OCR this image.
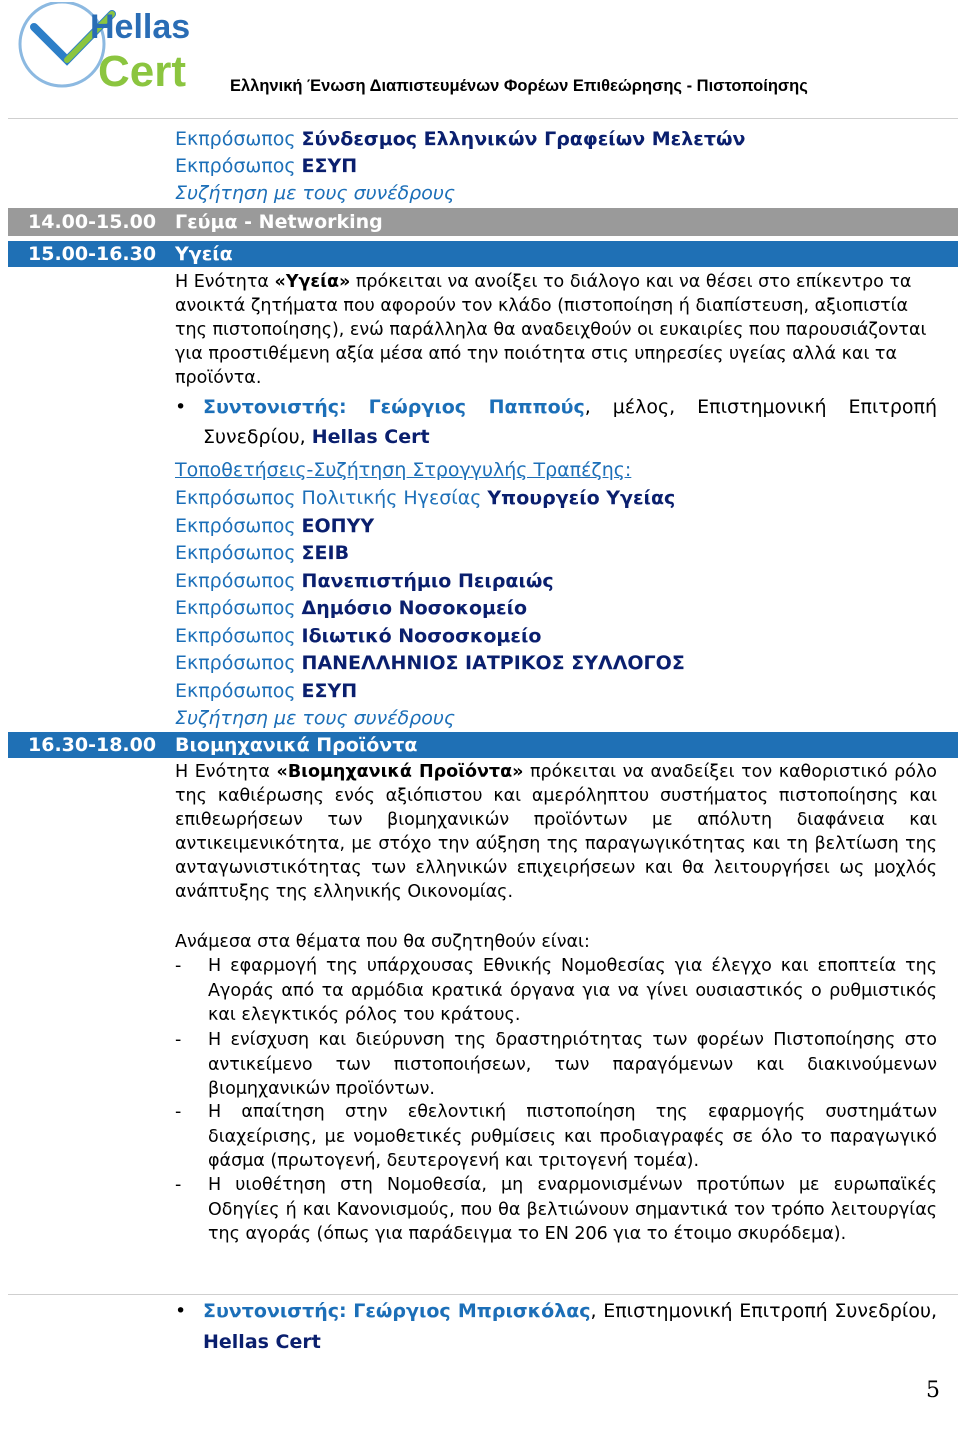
Hellas
Cert	Ελληνική Ένωση Διαπιστευμένων Φορέων Επιθεώρησης - Πιστοποίησης
Εκπρόσωπος Σύνδεσμος Ελληνικών Γραφείων Μελετών
Εκπρόσωπος ΕΣΥΠ
Συζήτηση με τους συνέδρους
14.00-15.00 Γεύμα - Networking
15.00-16.30 Υγεία
Η Ενότητα «Υγεία» πρόκειται να ανοίξει το διάλογο και να θέσει στο επίκεντρο τα ανοικτά ζητήματα που αφορούν τον κλάδο (πιστοποίηση ή διαπίστευση, αξιοπιστία της πιστοποίησης), ενώ παράλληλα θα αναδειχθούν οι ευκαιρίες που παρουσιάζονται για προστιθέμενη αξία μέσα από την ποιότητα στις υπηρεσίες υγείας αλλά και τα προϊόντα.
• Συντονιστής: Γεώργιος Παππούς, μέλος, Επιστημονική Επιτροπή Συνεδρίου, Hellas Cert
Τοποθετήσεις-Συζήτηση Στρογγυλής Τραπέζης:
Εκπρόσωπος Πολιτικής Ηγεσίας Υπουργείο Υγείας
Εκπρόσωπος ΕΟΠΥΥ
Εκπρόσωπος ΣΕΙΒ
Εκπρόσωπος Πανεπιστήμιο Πειραιώς
Εκπρόσωπος Δημόσιο Νοσοκομείο
Εκπρόσωπος Ιδιωτικό Νοσοσκομείο
Εκπρόσωπος ΠΑΝΕΛΛΗΝΙΟΣ ΙΑΤΡΙΚΟΣ ΣΥΛΛΟΓΟΣ
Εκπρόσωπος ΕΣΥΠ
Συζήτηση με τους συνέδρους
16.30-18.00 Βιομηχανικά Προϊόντα
Η Ενότητα «Βιομηχανικά Προϊόντα» πρόκειται να αναδείξει τον καθοριστικό ρόλο της καθιέρωσης ενός αξιόπιστου και αμερόληπτου συστήματος πιστοποίησης και επιθεωρήσεων των βιομηχανικών προϊόντων με απόλυτη διαφάνεια και αντικειμενικότητα, με στόχο την αύξηση της παραγωγικότητας και τη βελτίωση της ανταγωνιστικότητας των ελληνικών επιχειρήσεων και θα λειτουργήσει ως μοχλός ανάπτυξης της ελληνικής Οικονομίας.
Ανάμεσα στα θέματα που θα συζητηθούν είναι:
- Η εφαρμογή της υπάρχουσας Εθνικής Νομοθεσίας για έλεγχο και εποπτεία της Αγοράς από τα αρμόδια κρατικά όργανα για να γίνει ουσιαστικός ο ρυθμιστικός και ελεγκτικός ρόλος του κράτους.
- Η ενίσχυση και διεύρυνση της δραστηριότητας των φορέων Πιστοποίησης στο αντικείμενο των πιστοποιήσεων, των παραγόμενων και διακινούμενων βιομηχανικών προϊόντων.
- Η απαίτηση στην εθελοντική πιστοποίηση της εφαρμογής συστημάτων διαχείρισης, με νομοθετικές ρυθμίσεις και προδιαγραφές σε όλο το παραγωγικό φάσμα (πρωτογενή, δευτερογενή και τριτογενή τομέα).
- Η υιοθέτηση στη Νομοθεσία, μη εναρμονισμένων προτύπων με ευρωπαϊκές Οδηγίες ή και Κανονισμούς, που θα βελτιώνουν σημαντικά τον τρόπο λειτουργίας της αγοράς (όπως για παράδειγμα το ΕΝ 206 για το έτοιμο σκυρόδεμα).
• Συντονιστής: Γεώργιος Μπρισκόλας, Επιστημονική Επιτροπή Συνεδρίου, Hellas Cert
5
